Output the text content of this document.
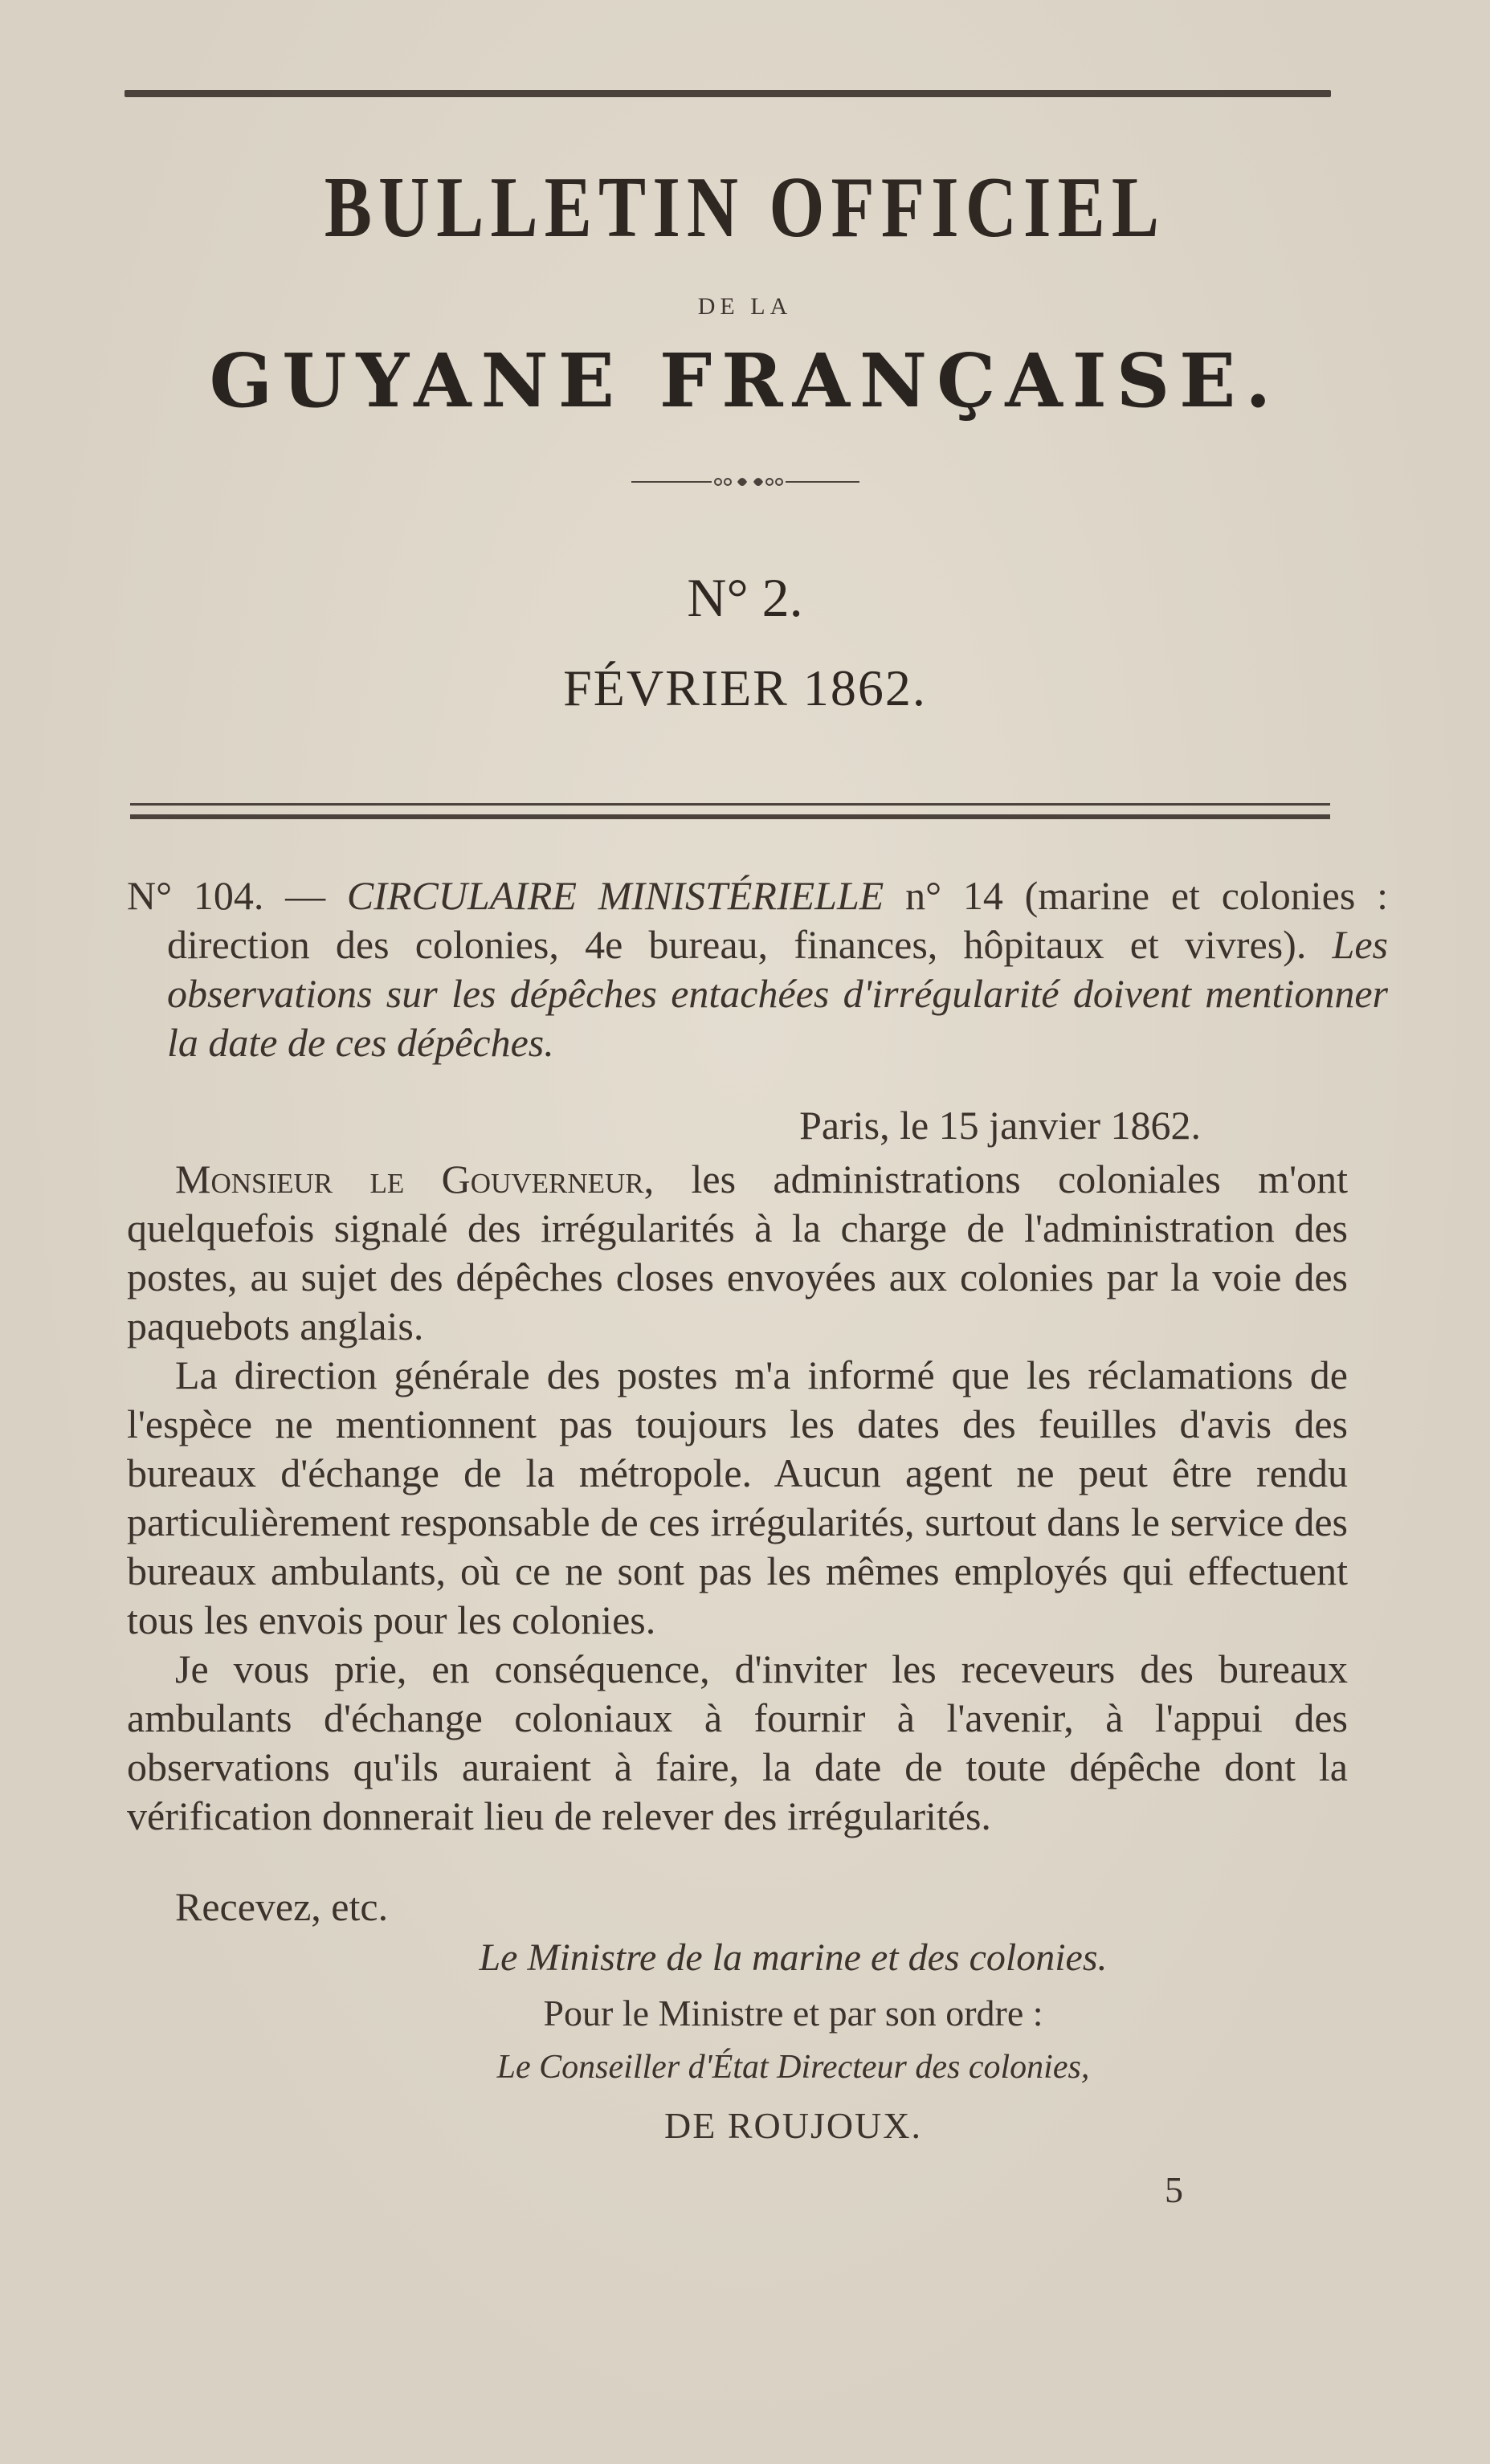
BULLETIN OFFICIEL
DE LA
GUYANE FRANÇAISE.
N° 2.
FÉVRIER 1862.
N° 104. — CIRCULAIRE MINISTÉRIELLE n° 14 (marine et colonies : direction des colonies, 4e bureau, finances, hôpitaux et vivres). Les observations sur les dépêches entachées d'irrégularité doivent mentionner la date de ces dépêches.
Paris, le 15 janvier 1862.

Monsieur le Gouverneur, les administrations coloniales m'ont quelquefois signalé des irrégularités à la charge de l'administration des postes, au sujet des dépêches closes envoyées aux colonies par la voie des paquebots anglais.

La direction générale des postes m'a informé que les réclamations de l'espèce ne mentionnent pas toujours les dates des feuilles d'avis des bureaux d'échange de la métropole. Aucun agent ne peut être rendu particulièrement responsable de ces irrégularités, surtout dans le service des bureaux ambulants, où ce ne sont pas les mêmes employés qui effectuent tous les envois pour les colonies.

Je vous prie, en conséquence, d'inviter les receveurs des bureaux ambulants d'échange coloniaux à fournir à l'avenir, à l'appui des observations qu'ils auraient à faire, la date de toute dépêche dont la vérification donnerait lieu de relever des irrégularités.

Recevez, etc.
Le Ministre de la marine et des colonies.
Pour le Ministre et par son ordre :
Le Conseiller d'État Directeur des colonies,
DE ROUJOUX.
5
